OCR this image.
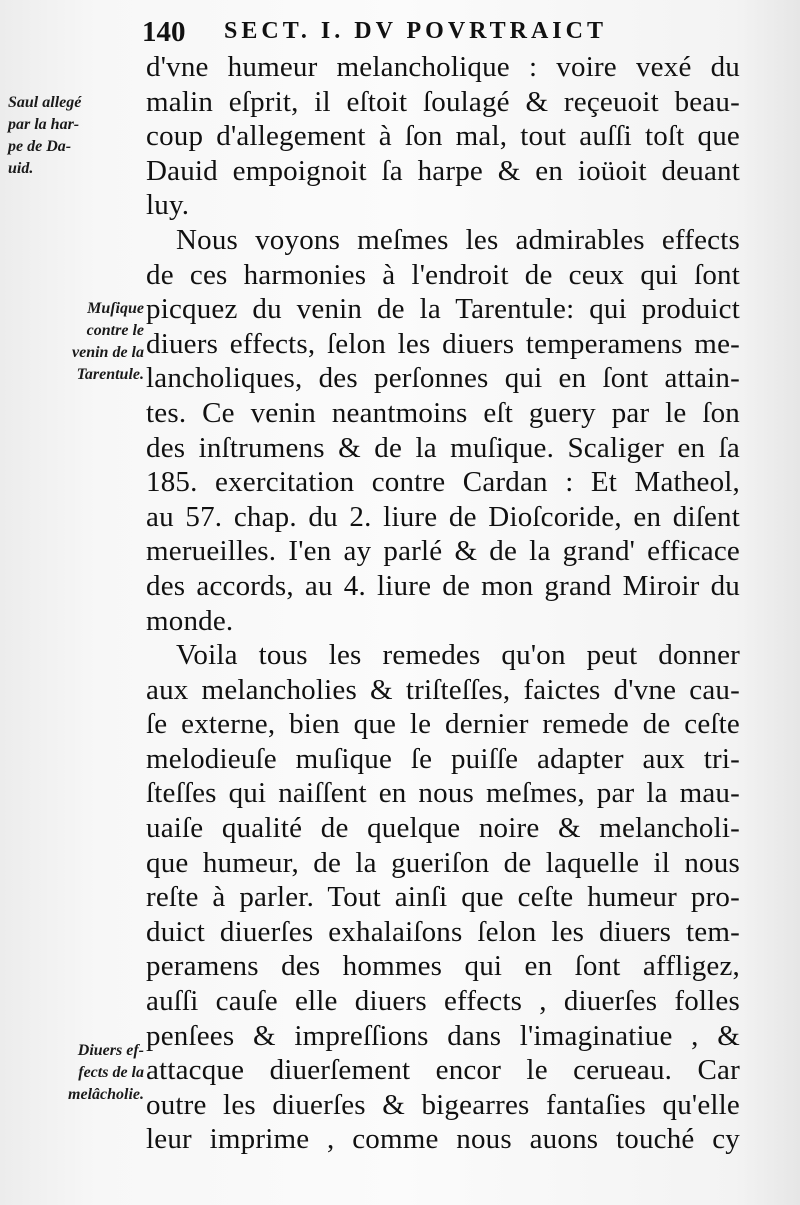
140 SECT. I. DV POVRTRAICT
Saul allegé
par la har-
pe de Da-
uid.
Muſique
contre le
venin de la
Tarentule.
Diuers ef-
fects de la
melâcholie.
d'vne humeur melancholique : voire vexé du
malin eſprit, il eſtoit ſoulagé & reçeuoit beau-
coup d'allegement à ſon mal, tout auſſi toſt que
Dauid empoignoit ſa harpe & en ioüoit deuant
luy.
Nous voyons meſmes les admirables effects
de ces harmonies à l'endroit de ceux qui ſont
picquez du venin de la Tarentule: qui produict
diuers effects, ſelon les diuers temperamens me-
lancholiques, des perſonnes qui en ſont attain-
tes. Ce venin neantmoins eſt guery par le ſon
des inſtrumens & de la muſique. Scaliger en ſa
185. exercitation contre Cardan : Et Matheol,
au 57. chap. du 2. liure de Dioſcoride, en diſent
merueilles. I'en ay parlé & de la grand' efficace
des accords, au 4. liure de mon grand Miroir du
monde.
Voila tous les remedes qu'on peut donner
aux melancholies & triſteſſes, faictes d'vne cau-
ſe externe, bien que le dernier remede de ceſte
melodieuſe muſique ſe puiſſe adapter aux tri-
ſteſſes qui naiſſent en nous meſmes, par la mau-
uaiſe qualité de quelque noire & melancholi-
que humeur, de la gueriſon de laquelle il nous
reſte à parler. Tout ainſi que ceſte humeur pro-
duict diuerſes exhalaiſons ſelon les diuers tem-
peramens des hommes qui en ſont affligez,
auſſi cauſe elle diuers effects , diuerſes folles
penſees & impreſſions dans l'imaginatiue , &
attacque diuerſement encor le cerueau. Car
outre les diuerſes & bigearres fantaſies qu'elle
leur imprime , comme nous auons touché cy
